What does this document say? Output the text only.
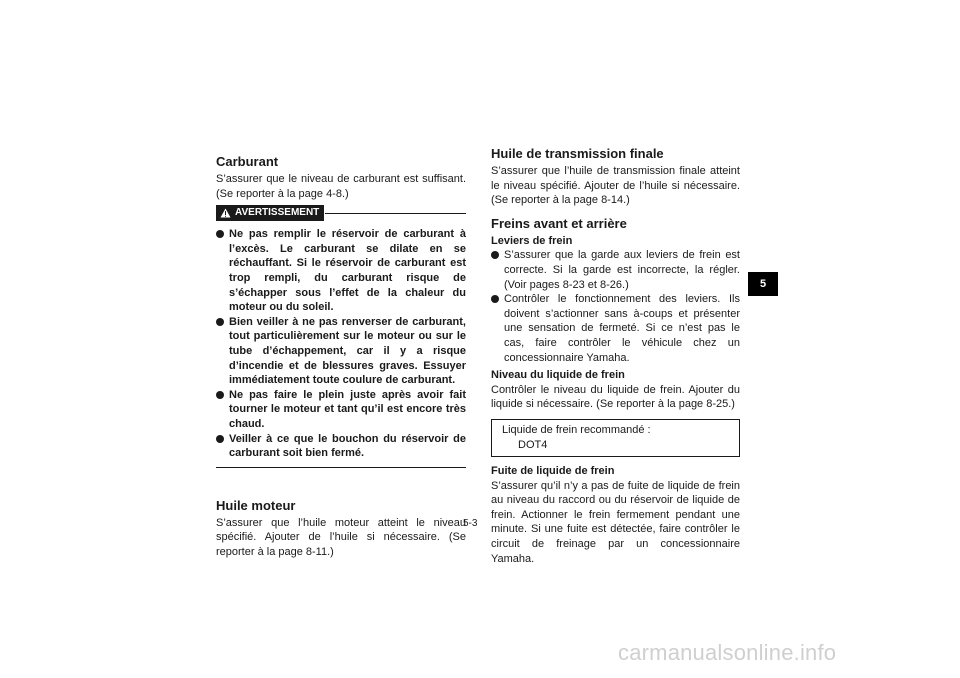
Carburant

S’assurer que le niveau de carburant est suffisant. (Se reporter à la page 4-8.)

AVERTISSEMENT
Ne pas remplir le réservoir de carburant à l’excès. Le carburant se dilate en se réchauffant. Si le réservoir de carburant est trop rempli, du carburant risque de s’échapper sous l’effet de la chaleur du moteur ou du soleil.
Bien veiller à ne pas renverser de carburant, tout particulièrement sur le moteur ou sur le tube d’échappement, car il y a risque d’incendie et de blessures graves. Essuyer immédiatement toute coulure de carburant.
Ne pas faire le plein juste après avoir fait tourner le moteur et tant qu’il est encore très chaud.
Veiller à ce que le bouchon du réservoir de carburant soit bien fermé.
Huile moteur

S’assurer que l’huile moteur atteint le niveau spécifié. Ajouter de l’huile si nécessaire. (Se reporter à la page 8-11.)

Huile de transmission finale

S’assurer que l’huile de transmission finale atteint le niveau spécifié. Ajouter de l’huile si nécessaire. (Se reporter à la page 8-14.)

Freins avant et arrière
Leviers de frein
S’assurer que la garde aux leviers de frein est correcte. Si la garde est incorrecte, la régler. (Voir pages 8-23 et 8-26.)
Contrôler le fonctionnement des leviers. Ils doivent s’actionner sans à-coups et présenter une sensation de fermeté. Si ce n’est pas le cas, faire contrôler le véhicule chez un concessionnaire Yamaha.
Niveau du liquide de frein

Contrôler le niveau du liquide de frein. Ajouter du liquide si nécessaire. (Se reporter à la page 8-25.)

Liquide de frein recommandé :
DOT4
Fuite de liquide de frein

S’assurer qu’il n’y a pas de fuite de liquide de frein au niveau du raccord ou du réservoir de liquide de frein. Actionner le frein fermement pendant une minute. Si une fuite est détectée, faire contrôler le circuit de freinage par un concessionnaire Yamaha.

5
5-3
carmanualsonline.info
